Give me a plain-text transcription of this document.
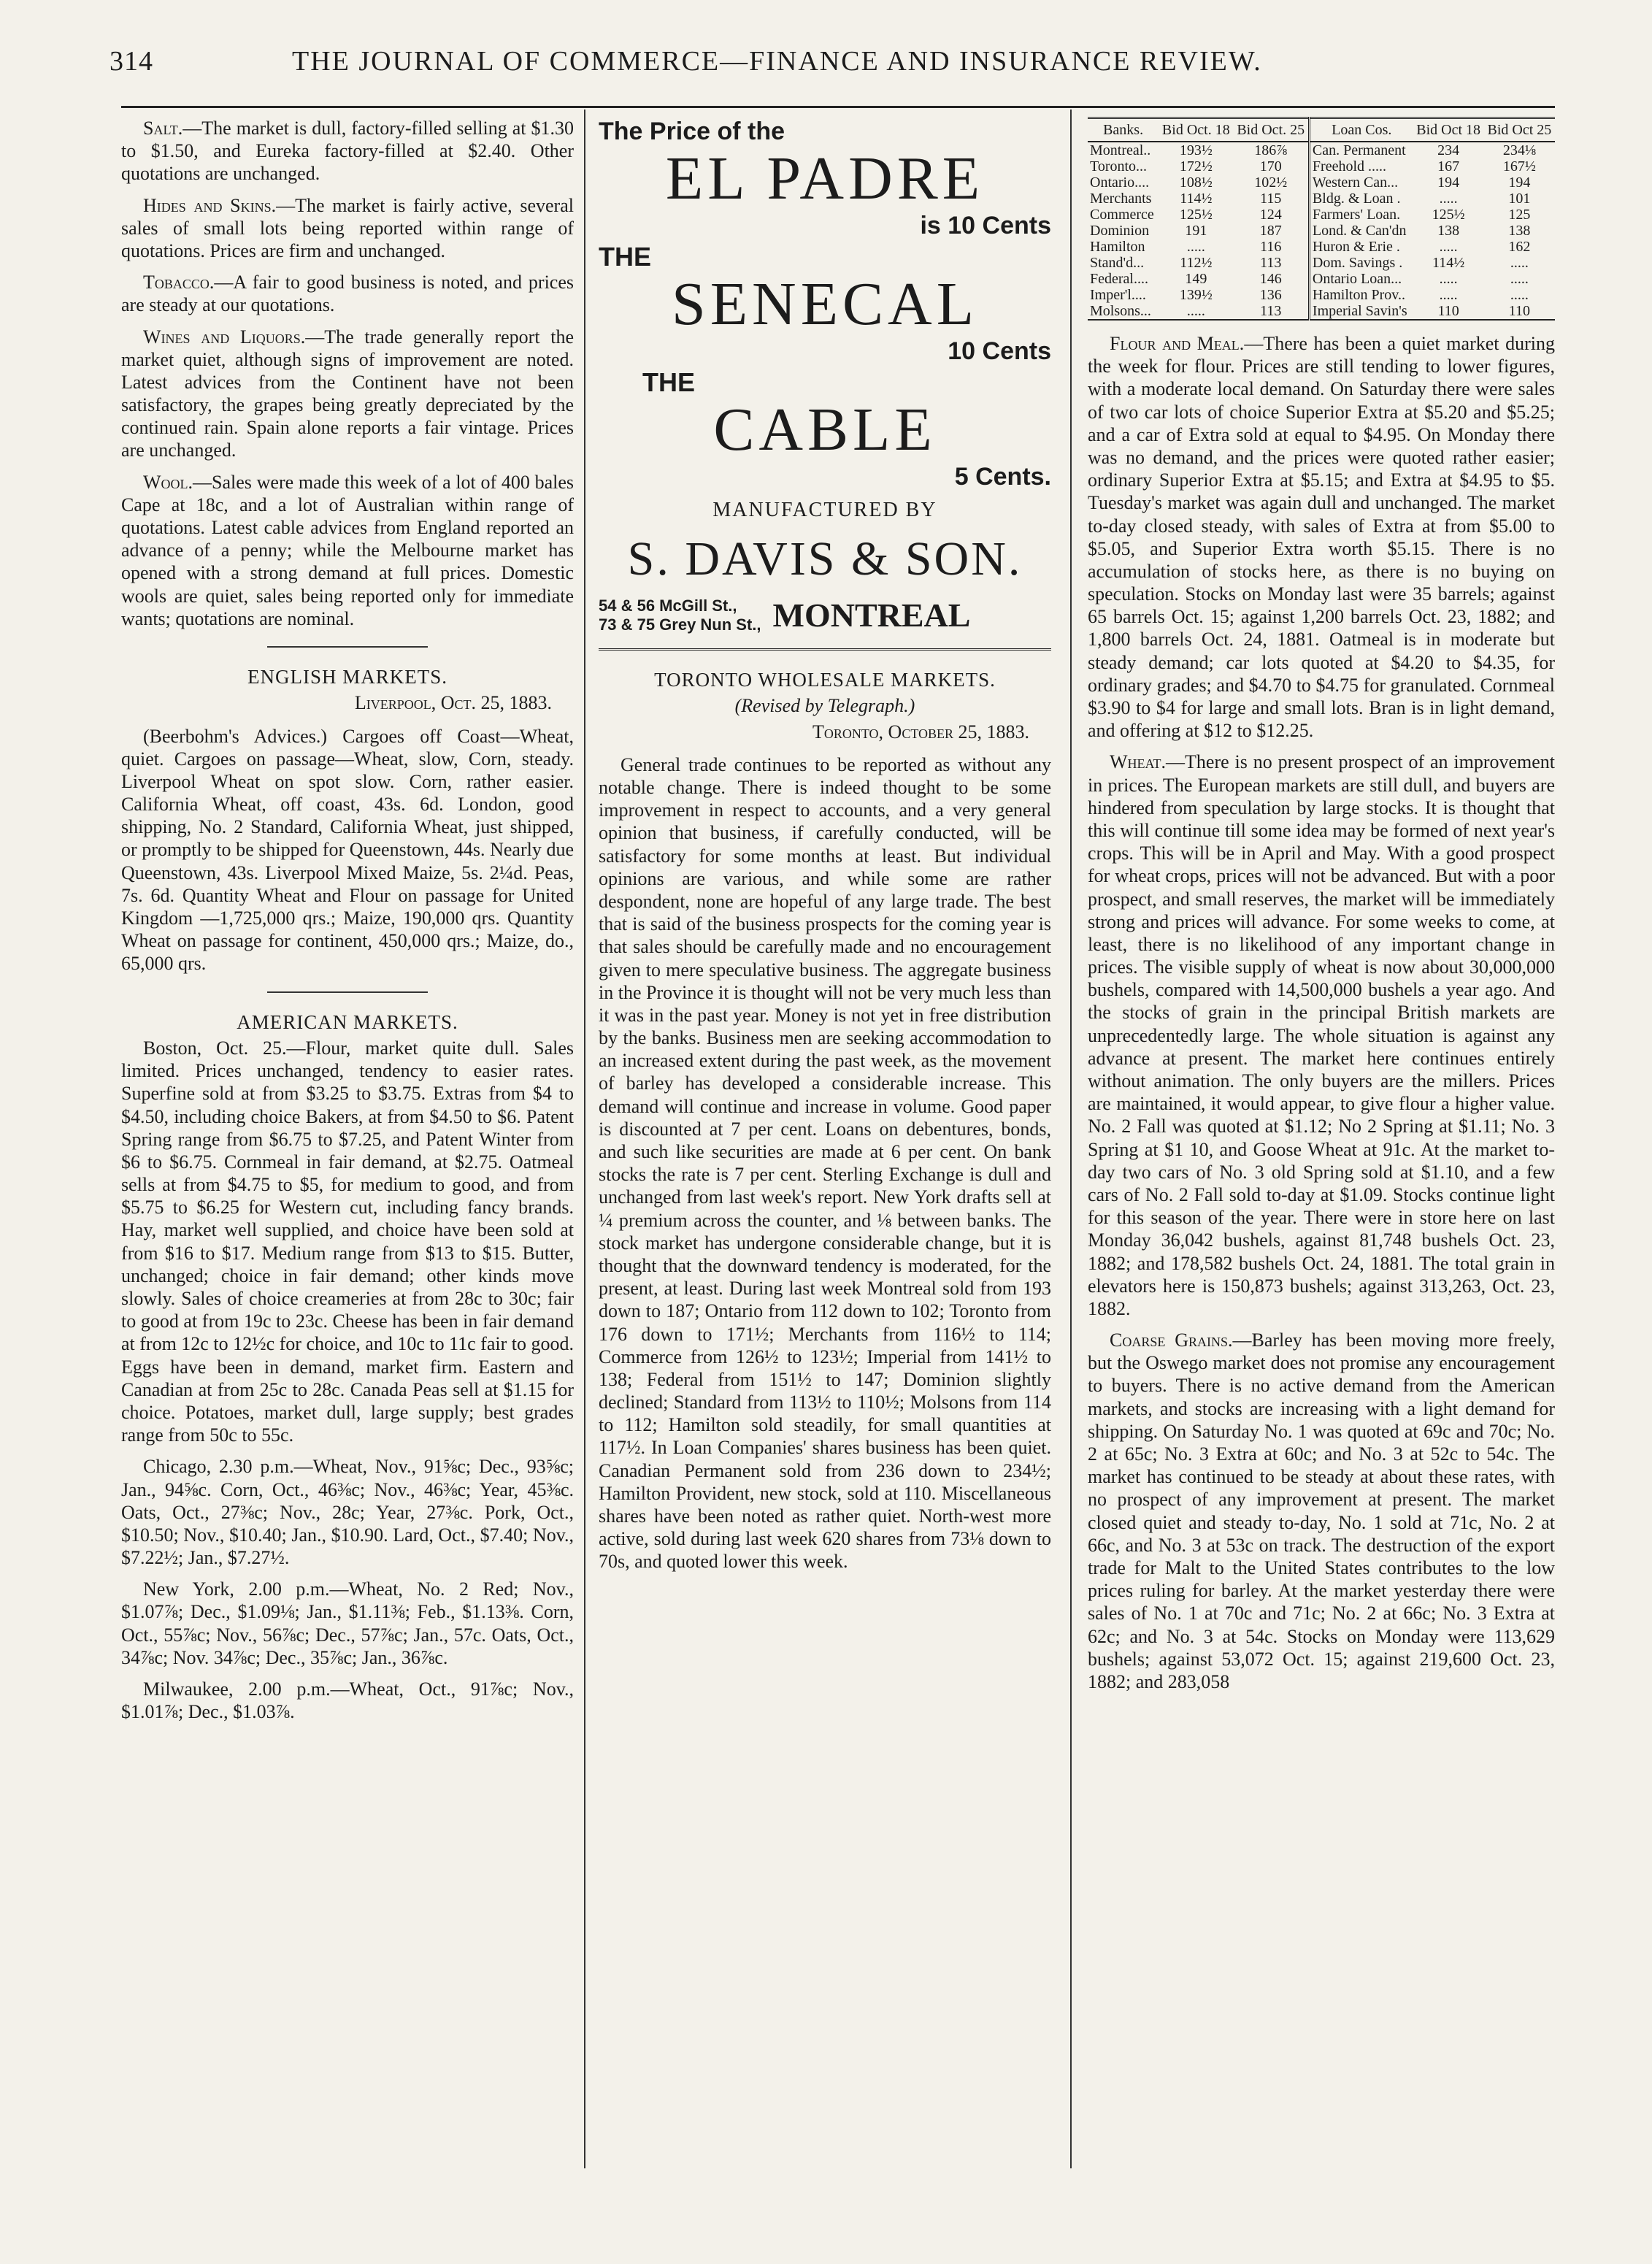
314	THE JOURNAL OF COMMERCE—FINANCE AND INSURANCE REVIEW.

Salt.—The market is dull, factory-filled selling at $1.30 to $1.50, and Eureka factory-filled at $2.40. Other quotations are unchanged.

Hides and Skins.—The market is fairly active, several sales of small lots being reported within range of quotations. Prices are firm and unchanged.

Tobacco.—A fair to good business is noted, and prices are steady at our quotations.

Wines and Liquors.—The trade generally report the market quiet, although signs of improvement are noted. Latest advices from the Continent have not been satisfactory, the grapes being greatly depreciated by the continued rain. Spain alone reports a fair vintage. Prices are unchanged.

Wool.—Sales were made this week of a lot of 400 bales Cape at 18c, and a lot of Australian within range of quotations. Latest cable advices from England reported an advance of a penny; while the Melbourne market has opened with a strong demand at full prices. Domestic wools are quiet, sales being reported only for immediate wants; quotations are nominal.

ENGLISH MARKETS.
Liverpool, Oct. 25, 1883.

(Beerbohm's Advices.) Cargoes off Coast—Wheat, quiet. Cargoes on passage—Wheat, slow, Corn, steady. Liverpool Wheat on spot slow. Corn, rather easier. California Wheat, off coast, 43s. 6d. London, good shipping, No. 2 Standard, California Wheat, just shipped, or promptly to be shipped for Queenstown, 44s. Nearly due Queenstown, 43s. Liverpool Mixed Maize, 5s. 2¼d. Peas, 7s. 6d. Quantity Wheat and Flour on passage for United Kingdom —1,725,000 qrs.; Maize, 190,000 qrs. Quantity Wheat on passage for continent, 450,000 qrs.; Maize, do., 65,000 qrs.

AMERICAN MARKETS.

Boston, Oct. 25.—Flour, market quite dull. Sales limited. Prices unchanged, tendency to easier rates. Superfine sold at from $3.25 to $3.75. Extras from $4 to $4.50, including choice Bakers, at from $4.50 to $6. Patent Spring range from $6.75 to $7.25, and Patent Winter from $6 to $6.75. Cornmeal in fair demand, at $2.75. Oatmeal sells at from $4.75 to $5, for medium to good, and from $5.75 to $6.25 for Western cut, including fancy brands. Hay, market well supplied, and choice have been sold at from $16 to $17. Medium range from $13 to $15. Butter, unchanged; choice in fair demand; other kinds move slowly. Sales of choice creameries at from 28c to 30c; fair to good at from 19c to 23c. Cheese has been in fair demand at from 12c to 12½c for choice, and 10c to 11c fair to good. Eggs have been in demand, market firm. Eastern and Canadian at from 25c to 28c. Canada Peas sell at $1.15 for choice. Potatoes, market dull, large supply; best grades range from 50c to 55c.

Chicago, 2.30 p.m.—Wheat, Nov., 91⅝c; Dec., 93⅝c; Jan., 94⅝c. Corn, Oct., 46⅜c; Nov., 46⅜c; Year, 45⅜c. Oats, Oct., 27⅜c; Nov., 28c; Year, 27⅜c. Pork, Oct., $10.50; Nov., $10.40; Jan., $10.90. Lard, Oct., $7.40; Nov., $7.22½; Jan., $7.27½.

New York, 2.00 p.m.—Wheat, No. 2 Red; Nov., $1.07⅞; Dec., $1.09⅛; Jan., $1.11⅜; Feb., $1.13⅜. Corn, Oct., 55⅞c; Nov., 56⅞c; Dec., 57⅞c; Jan., 57c. Oats, Oct., 34⅞c; Nov. 34⅞c; Dec., 35⅞c; Jan., 36⅞c.

Milwaukee, 2.00 p.m.—Wheat, Oct., 91⅞c; Nov., $1.01⅞; Dec., $1.03⅞.

The Price of the
EL PADRE
is 10 Cents
THE
SENECAL
10 Cents
THE
CABLE
5 Cents.
MANUFACTURED BY
S. DAVIS & SON.
54 & 56 McGill St.,
73 & 75 Grey Nun St., MONTREAL
TORONTO WHOLESALE MARKETS.
(Revised by Telegraph.)
Toronto, October 25, 1883.

General trade continues to be reported as without any notable change. There is indeed thought to be some improvement in respect to accounts, and a very general opinion that business, if carefully conducted, will be satisfactory for some months at least. But individual opinions are various, and while some are rather despondent, none are hopeful of any large trade. The best that is said of the business prospects for the coming year is that sales should be carefully made and no encouragement given to mere speculative business. The aggregate business in the Province it is thought will not be very much less than it was in the past year. Money is not yet in free distribution by the banks. Business men are seeking accommodation to an increased extent during the past week, as the movement of barley has developed a considerable increase. This demand will continue and increase in volume. Good paper is discounted at 7 per cent. Loans on debentures, bonds, and such like securities are made at 6 per cent. On bank stocks the rate is 7 per cent. Sterling Exchange is dull and unchanged from last week's report. New York drafts sell at ¼ premium across the counter, and ⅛ between banks. The stock market has undergone considerable change, but it is thought that the downward tendency is moderated, for the present, at least. During last week Montreal sold from 193 down to 187; Ontario from 112 down to 102; Toronto from 176 down to 171½; Merchants from 116½ to 114; Commerce from 126½ to 123½; Imperial from 141½ to 138; Federal from 151½ to 147; Dominion slightly declined; Standard from 113½ to 110½; Molsons from 114 to 112; Hamilton sold steadily, for small quantities at 117½. In Loan Companies' shares business has been quiet. Canadian Permanent sold from 236 down to 234½; Hamilton Provident, new stock, sold at 110. Miscellaneous shares have been noted as rather quiet. North-west more active, sold during last week 620 shares from 73⅛ down to 70s, and quoted lower this week.

Banks.	Bid Oct. 18	Bid Oct. 25	Loan Cos.	Bid Oct 18	Bid Oct 25
Montreal..	193½	186⅞	Can. Permanent	234	234⅛
Toronto...	172½	170	Freehold .....	167	167½
Ontario....	108½	102½	Western Can...	194	194
Merchants	114½	115	Bldg. & Loan .	.....	101
Commerce	125½	124	Farmers' Loan.	125½	125
Dominion	191	187	Lond. & Can'dn	138	138
Hamilton	.....	116	Huron & Erie .	.....	162
Stand'd...	112½	113	Dom. Savings .	114½	.....
Federal....	149	146	Ontario Loan...	.....	.....
Imper'l....	139½	136	Hamilton Prov..	.....	.....
Molsons...	.....	113	Imperial Savin's	110	110

Flour and Meal.—There has been a quiet market during the week for flour. Prices are still tending to lower figures, with a moderate local demand. On Saturday there were sales of two car lots of choice Superior Extra at $5.20 and $5.25; and a car of Extra sold at equal to $4.95. On Monday there was no demand, and the prices were quoted rather easier; ordinary Superior Extra at $5.15; and Extra at $4.95 to $5. Tuesday's market was again dull and unchanged. The market to-day closed steady, with sales of Extra at from $5.00 to $5.05, and Superior Extra worth $5.15. There is no accumulation of stocks here, as there is no buying on speculation. Stocks on Monday last were 35 barrels; against 65 barrels Oct. 15; against 1,200 barrels Oct. 23, 1882; and 1,800 barrels Oct. 24, 1881. Oatmeal is in moderate but steady demand; car lots quoted at $4.20 to $4.35, for ordinary grades; and $4.70 to $4.75 for granulated. Cornmeal $3.90 to $4 for large and small lots. Bran is in light demand, and offering at $12 to $12.25.

Wheat.—There is no present prospect of an improvement in prices. The European markets are still dull, and buyers are hindered from speculation by large stocks. It is thought that this will continue till some idea may be formed of next year's crops. This will be in April and May. With a good prospect for wheat crops, prices will not be advanced. But with a poor prospect, and small reserves, the market will be immediately strong and prices will advance. For some weeks to come, at least, there is no likelihood of any important change in prices. The visible supply of wheat is now about 30,000,000 bushels, compared with 14,500,000 bushels a year ago. And the stocks of grain in the principal British markets are unprecedentedly large. The whole situation is against any advance at present. The market here continues entirely without animation. The only buyers are the millers. Prices are maintained, it would appear, to give flour a higher value. No. 2 Fall was quoted at $1.12; No 2 Spring at $1.11; No. 3 Spring at $1 10, and Goose Wheat at 91c. At the market to-day two cars of No. 3 old Spring sold at $1.10, and a few cars of No. 2 Fall sold to-day at $1.09. Stocks continue light for this season of the year. There were in store here on last Monday 36,042 bushels, against 81,748 bushels Oct. 23, 1882; and 178,582 bushels Oct. 24, 1881. The total grain in elevators here is 150,873 bushels; against 313,263, Oct. 23, 1882.

Coarse Grains.—Barley has been moving more freely, but the Oswego market does not promise any encouragement to buyers. There is no active demand from the American markets, and stocks are increasing with a light demand for shipping. On Saturday No. 1 was quoted at 69c and 70c; No. 2 at 65c; No. 3 Extra at 60c; and No. 3 at 52c to 54c. The market has continued to be steady at about these rates, with no prospect of any improvement at present. The market closed quiet and steady to-day, No. 1 sold at 71c, No. 2 at 66c, and No. 3 at 53c on track. The destruction of the export trade for Malt to the United States contributes to the low prices ruling for barley. At the market yesterday there were sales of No. 1 at 70c and 71c; No. 2 at 66c; No. 3 Extra at 62c; and No. 3 at 54c. Stocks on Monday were 113,629 bushels; against 53,072 Oct. 15; against 219,600 Oct. 23, 1882; and 283,058
